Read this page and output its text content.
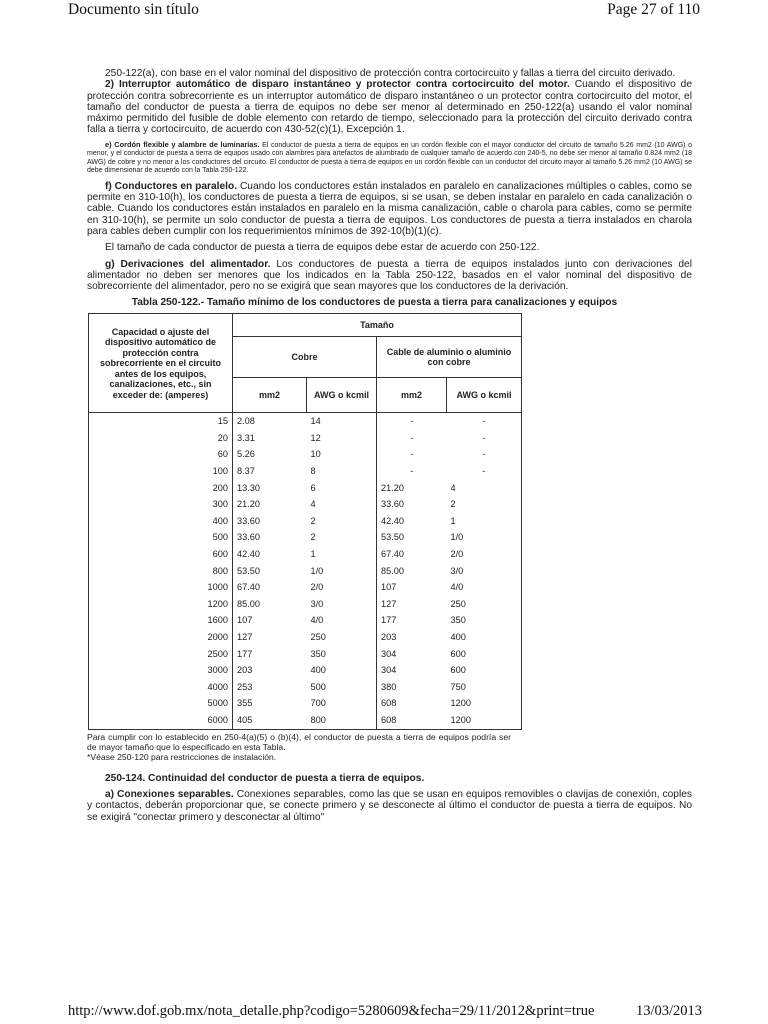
Documento sin título	Page 27 of 110

250-122(a), con base en el valor nominal del dispositivo de protección contra cortocircuito y fallas a tierra del circuito derivado.

2) Interruptor automático de disparo instantáneo y protector contra cortocircuito del motor. Cuando el dispositivo de protección contra sobrecorriente es un interruptor automático de disparo instantáneo o un protector contra cortocircuito del motor, el tamaño del conductor de puesta a tierra de equipos no debe ser menor al determinado en 250-122(a) usando el valor nominal máximo permitido del fusible de doble elemento con retardo de tiempo, seleccionado para la protección del circuito derivado contra falla a tierra y cortocircuito, de acuerdo con 430-52(c)(1), Excepción 1.

e) Cordón flexible y alambre de luminarias. El conductor de puesta a tierra de equipos en un cordón flexible con el mayor conductor del circuito de tamaño 5.26 mm2 (10 AWG) o menor, y el conductor de puesta a tierra de equipos usado con alambres para artefactos de alumbrado de cualquier tamaño de acuerdo con 240-5, no debe ser menor al tamaño 0.824 mm2 (18 AWG) de cobre y no menor a los conductores del circuito. El conductor de puesta a tierra de equipos en un cordón flexible con un conductor del circuito mayor al tamaño 5.26 mm2 (10 AWG) se debe dimensionar de acuerdo con la Tabla 250-122.

f) Conductores en paralelo. Cuando los conductores están instalados en paralelo en canalizaciones múltiples o cables, como se permite en 310-10(h), los conductores de puesta a tierra de equipos, si se usan, se deben instalar en paralelo en cada canalización o cable. Cuando los conductores están instalados en paralelo en la misma canalización, cable o charola para cables, como se permite en 310-10(h), se permite un solo conductor de puesta a tierra de equipos. Los conductores de puesta a tierra instalados en charola para cables deben cumplir con los requerimientos mínimos de 392-10(b)(1)(c).

El tamaño de cada conductor de puesta a tierra de equipos debe estar de acuerdo con 250-122.

g) Derivaciones del alimentador. Los conductores de puesta a tierra de equipos instalados junto con derivaciones del alimentador no deben ser menores que los indicados en la Tabla 250-122, basados en el valor nominal del dispositivo de sobrecorriente del alimentador, pero no se exigirá que sean mayores que los conductores de la derivación.

Tabla 250-122.- Tamaño mínimo de los conductores de puesta a tierra para canalizaciones y equipos
Capacidad o ajuste del dispositivo automático de protección contra sobrecorriente en el circuito antes de los equipos, canalizaciones, etc., sin exceder de: (amperes)	Tamaño			
	Cobre		Cable de aluminio o aluminio con cobre	
	mm2	AWG o kcmil	mm2	AWG o kcmil
15	2.08	14	-	-
20	3.31	12	-	-
60	5.26	10	-	-
100	8.37	8	-	-
200	13.30	6	21.20	4
300	21.20	4	33.60	2
400	33.60	2	42.40	1
500	33.60	2	53.50	1/0
600	42.40	1	67.40	2/0
800	53.50	1/0	85.00	3/0
1000	67.40	2/0	107	4/0
1200	85.00	3/0	127	250
1600	107	4/0	177	350
2000	127	250	203	400
2500	177	350	304	600
3000	203	400	304	600
4000	253	500	380	750
5000	355	700	608	1200
6000	405	800	608	1200

Para cumplir con lo establecido en 250-4(a)(5) o (b)(4), el conductor de puesta a tierra de equipos podría ser de mayor tamaño que lo especificado en esta Tabla.

*Véase 250-120 para restricciones de instalación.

250-124. Continuidad del conductor de puesta a tierra de equipos.

a) Conexiones separables. Conexiones separables, como las que se usan en equipos removibles o clavijas de conexión, coples y contactos, deberán proporcionar que, se conecte primero y se desconecte al último el conductor de puesta a tierra de equipos. No se exigirá "conectar primero y desconectar al último"

http://www.dof.gob.mx/nota_detalle.php?codigo=5280609&fecha=29/11/2012&print=true	13/03/2013
